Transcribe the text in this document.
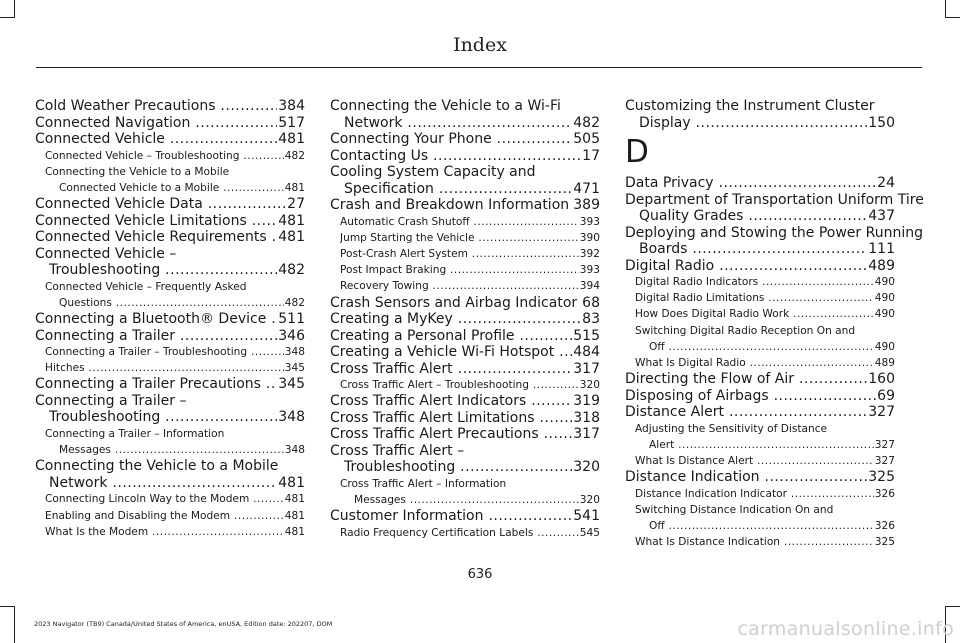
Index
Cold Weather Precautions .....	384
Connected Navigation .....	517
Connected Vehicle .....	481
Connected Vehicle – Troubleshooting .....	482
Connecting the Vehicle to a Mobile
Connected Vehicle to a Mobile .....	481
Connected Vehicle Data .....	27
Connected Vehicle Limitations .....	481
Connected Vehicle Requirements ..... 481
Connected Vehicle –
Troubleshooting .....	482
Connected Vehicle – Frequently Asked
Questions .....	482
Connecting a Bluetooth® Device ..... 511
Connecting a Trailer .....	346
Connecting a Trailer – Troubleshooting .....	348
Hitches .....	345
Connecting a Trailer Precautions .....	345
Connecting a Trailer –
Troubleshooting .....	348
Connecting a Trailer – Information
Messages .....	348
Connecting the Vehicle to a Mobile
Network .....	481
Connecting Lincoln Way to the Modem .....	481
Enabling and Disabling the Modem .....	481
What Is the Modem .....	481
Connecting the Vehicle to a Wi-Fi
Network .....	482
Connecting Your Phone .....	505
Contacting Us .....	17
Cooling System Capacity and
Specification .....	471
Crash and Breakdown Information ..... 389
Automatic Crash Shutoff .....	393
Jump Starting the Vehicle .....	390
Post-Crash Alert System .....	392
Post Impact Braking .....	393
Recovery Towing .....	394
Crash Sensors and Airbag Indicator ..... 68
Creating a MyKey .....	83
Creating a Personal Profile .....	515
Creating a Vehicle Wi-Fi Hotspot .....	484
Cross Traffic Alert .....	317
Cross Traffic Alert – Troubleshooting .....	320
Cross Traffic Alert Indicators .....	319
Cross Traffic Alert Limitations .....	318
Cross Traffic Alert Precautions .....	317
Cross Traffic Alert –
Troubleshooting .....	320
Cross Traffic Alert – Information
Messages .....	320
Customer Information .....	541
Radio Frequency Certification Labels .....	545
Customizing the Instrument Cluster
Display .....	150
D
Data Privacy .....	24
Department of Transportation Uniform Tire
Quality Grades .....	437
Deploying and Stowing the Power Running
Boards .....	111
Digital Radio .....	489
Digital Radio Indicators .....	490
Digital Radio Limitations .....	490
How Does Digital Radio Work .....	490
Switching Digital Radio Reception On and
Off .....	490
What Is Digital Radio .....	489
Directing the Flow of Air .....	160
Disposing of Airbags .....	69
Distance Alert .....	327
Adjusting the Sensitivity of Distance
Alert .....	327
What Is Distance Alert .....	327
Distance Indication .....	325
Distance Indication Indicator .....	326
Switching Distance Indication On and
Off .....	326
What Is Distance Indication .....	325
636
2023 Navigator (TB9) Canada/United States of America, enUSA, Edition date: 202207, DOM	carmanualsonline.info
